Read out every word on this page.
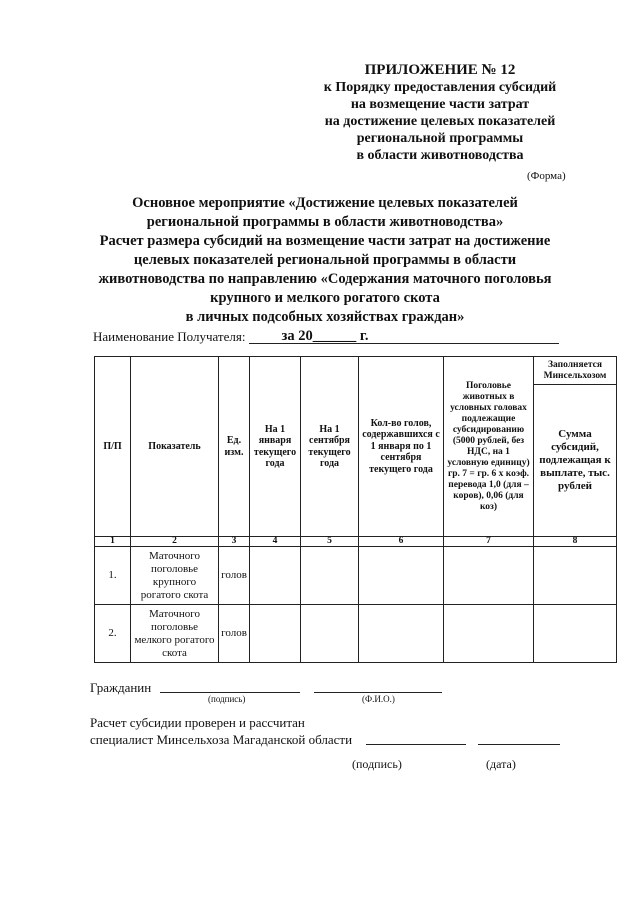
ПРИЛОЖЕНИЕ № 12
к Порядку предоставления субсидий
на возмещение части затрат
на достижение целевых показателей
региональной программы
в области животноводства
(Форма)
Основное мероприятие «Достижение целевых показателей
региональной программы в области животноводства»
Расчет размера субсидий на возмещение части затрат на достижение
целевых показателей региональной программы в области
животноводства по направлению «Содержания маточного поголовья
крупного и мелкого рогатого скота
в личных подсобных хозяйствах граждан»
за 20______ г.
Наименование Получателя:
П/П	Показатель	Ед. изм.	На 1 января текущего года	На 1 сентября текущего года	Кол-во голов, содержавшихся с 1 января по 1 сентября текущего года	Поголовье животных в условных головах подлежащие субсидированию (5000 рублей, без НДС, на 1 условную единицу) гр. 7 = гр. 6 х коэф. перевода 1,0 (для – коров), 0,06 (для коз)	Заполняется Минсельхозом
							Сумма субсидий, подлежащая к выплате, тыс. рублей
1	2	3	4	5	6	7	8
1.	Маточного поголовье крупного рогатого скота	голов					
2.	Маточного поголовье мелкого рогатого скота	голов					
Гражданин
(подпись)	(Ф.И.О.)
Расчет субсидии проверен и рассчитан
специалист Минсельхоза Магаданской области
(подпись)	(дата)
